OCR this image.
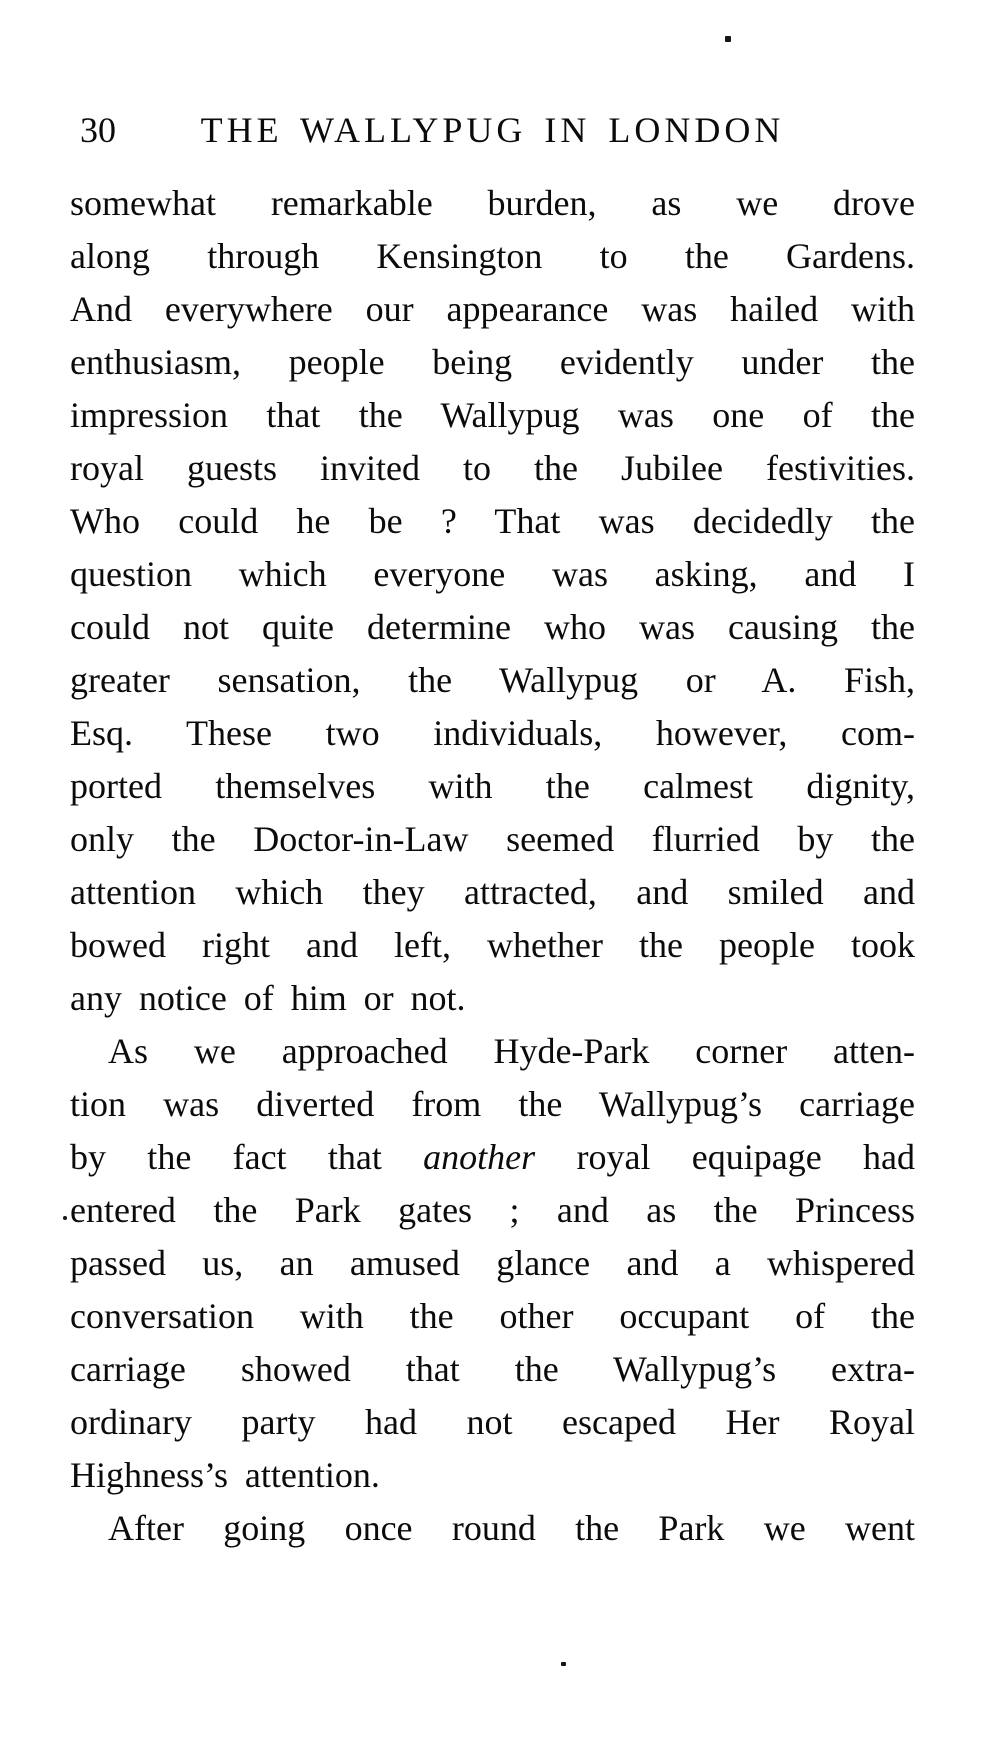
30	THE WALLYPUG IN LONDON
somewhat remarkable burden, as we drove
along through Kensington to the Gardens.
And everywhere our appearance was hailed with
enthusiasm, people being evidently under the
impression that the Wallypug was one of the
royal guests invited to the Jubilee festivities.
Who could he be ? That was decidedly the
question which everyone was asking, and I
could not quite determine who was causing the
greater sensation, the Wallypug or A. Fish,
Esq. These two individuals, however, com-
ported themselves with the calmest dignity,
only the Doctor-in-Law seemed flurried by the
attention which they attracted, and smiled and
bowed right and left, whether the people took
any notice of him or not.
As we approached Hyde-Park corner atten-
tion was diverted from the Wallypug’s carriage
by the fact that another royal equipage had
entered the Park gates ; and as the Princess
passed us, an amused glance and a whispered
conversation with the other occupant of the
carriage showed that the Wallypug’s extra-
ordinary party had not escaped Her Royal
Highness’s attention.
After going once round the Park we went
